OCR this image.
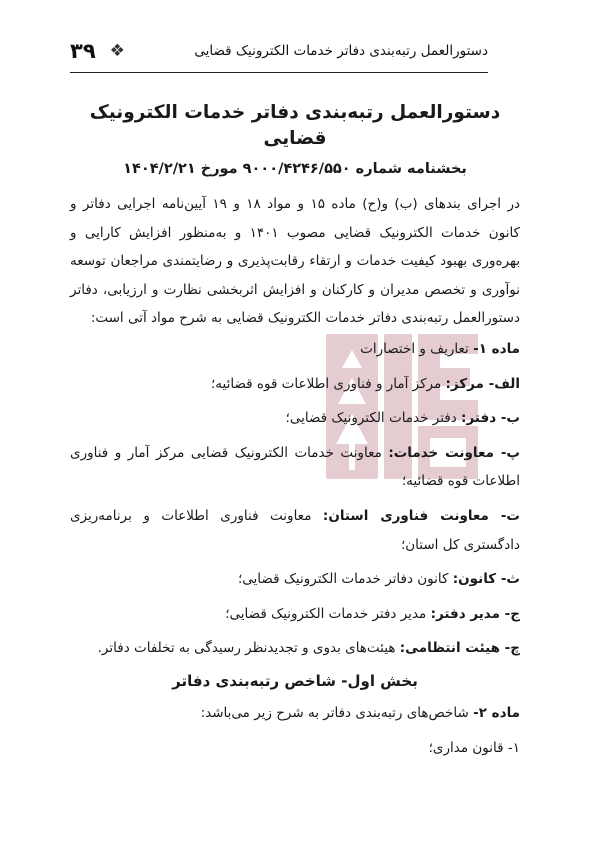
۳۹ ❖	دستورالعمل رتبه‌بندی دفاتر خدمات الکترونیک قضایی
دستورالعمل رتبه‌بندی دفاتر خدمات الکترونیک قضایی
بخشنامه شماره ۹۰۰۰/۴۲۴۶/۵۵۰ مورخ ۱۴۰۴/۲/۲۱

در اجرای بندهای (ب) و(ح) ماده ۱۵ و مواد ۱۸ و ۱۹ آیین‌نامه اجرایی دفاتر و کانون خدمات الکترونیک قضایی مصوب ۱۴۰۱ و به‌منظور افزایش کارایی و بهره‌وری بهبود کیفیت خدمات و ارتقاء رقابت‌پذیری و رضایتمندی مراجعان توسعه نوآوری و تخصص مدیران و کارکنان و افزایش اثربخشی نظارت و ارزیابی، دفاتر دستورالعمل رتبه‌بندی دفاتر خدمات الکترونیک قضایی به شرح مواد آتی است:

ماده ۱- تعاریف و اختصارات

الف- مرکز: مرکز آمار و فناوری اطلاعات قوه قضائیه؛

ب- دفتر: دفتر خدمات الکترونیک قضایی؛

پ- معاونت خدمات: معاونت خدمات الکترونیک قضایی مرکز آمار و فناوری اطلاعات قوه قضائیه؛

ت- معاونت فناوری استان: معاونت فناوری اطلاعات و برنامه‌ریزی دادگستری کل استان؛

ث- کانون: کانون دفاتر خدمات الکترونیک قضایی؛

ج- مدیر دفتر: مدیر دفتر خدمات الکترونیک قضایی؛

چ- هیئت انتظامی: هیئت‌های بدوی و تجدیدنظر رسیدگی به تخلفات دفاتر.

بخش اول- شاخص رتبه‌بندی دفاتر

ماده ۲- شاخص‌های رتبه‌بندی دفاتر به شرح زیر می‌باشد:

۱- قانون مداری؛
